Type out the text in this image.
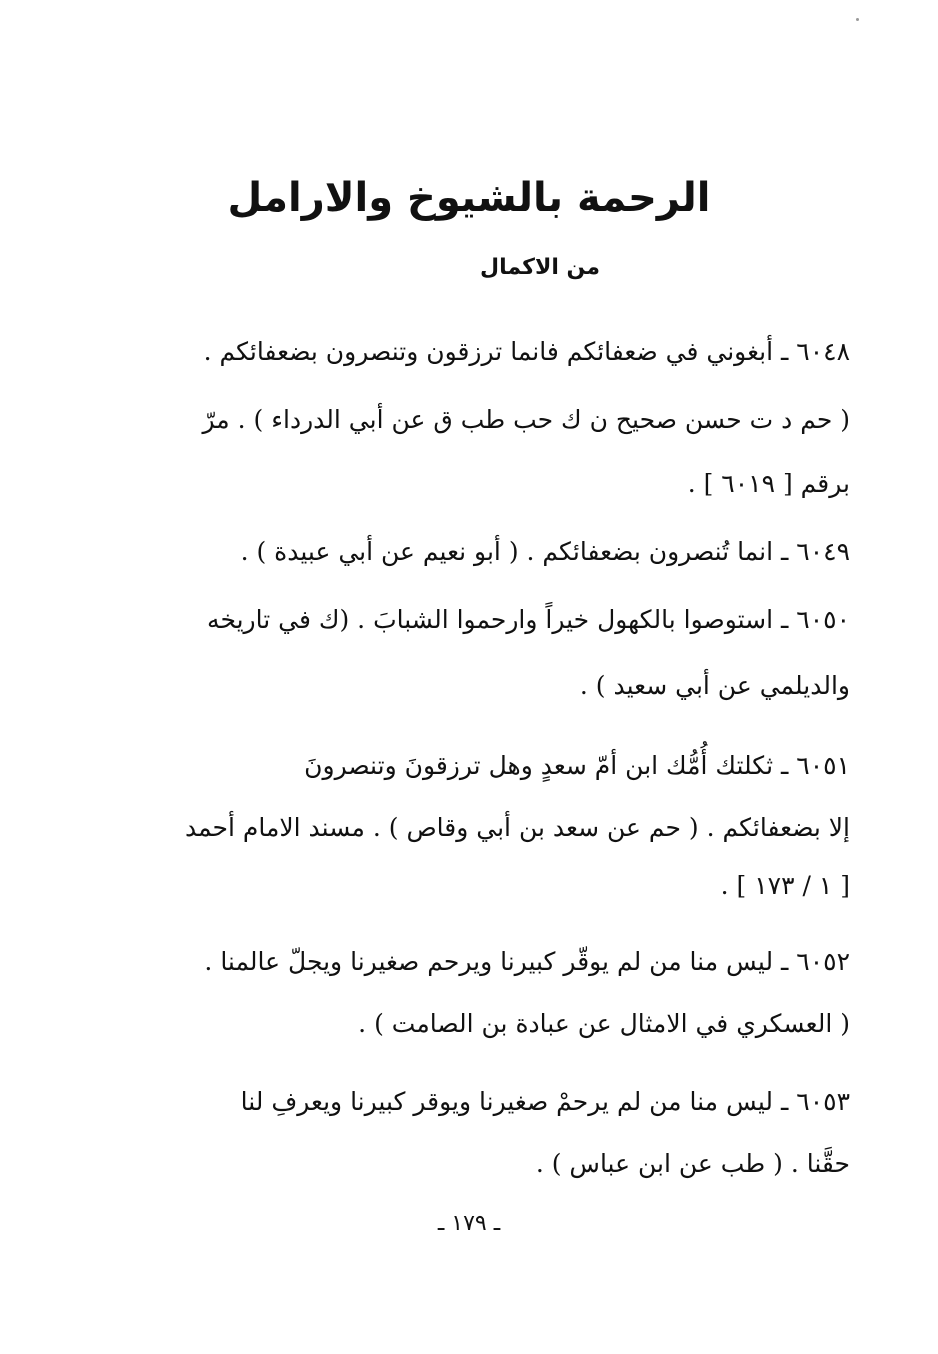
الرحمة بالشيوخ والارامل
من الاكمال
٦٠٤٨ ـ أبغوني في ضعفائكم فانما ترزقون وتنصرون بضعفائكم .
( حم د ت حسن صحيح ن ك حب طب ق عن أبي الدرداء ) . مرّ
برقم [ ٦٠١٩ ] .
٦٠٤٩ ـ انما تُنصرون بضعفائكم . ( أبو نعيم عن أبي عبيدة ) .
٦٠٥٠ ـ استوصوا بالكهول خيراً وارحموا الشبابَ . (ك في تاريخه
والديلمي عن أبي سعيد ) .
٦٠٥١ ـ ثكلتك أُمُّك ابن أمّ سعدٍ وهل ترزقونَ وتنصرونَ
إلا بضعفائكم . ( حم عن سعد بن أبي وقاص ) . مسند الامام أحمد
[ ١ / ١٧٣ ] .
٦٠٥٢ ـ ليس منا من لم يوقّر كبيرنا ويرحم صغيرنا ويجلّ عالمنا .
( العسكري في الامثال عن عبادة بن الصامت ) .
٦٠٥٣ ـ ليس منا من لم يرحمْ صغيرنا ويوقر كبيرنا ويعرفِ لنا
حقَّنا . ( طب عن ابن عباس ) .
ـ ١٧٩ ـ
